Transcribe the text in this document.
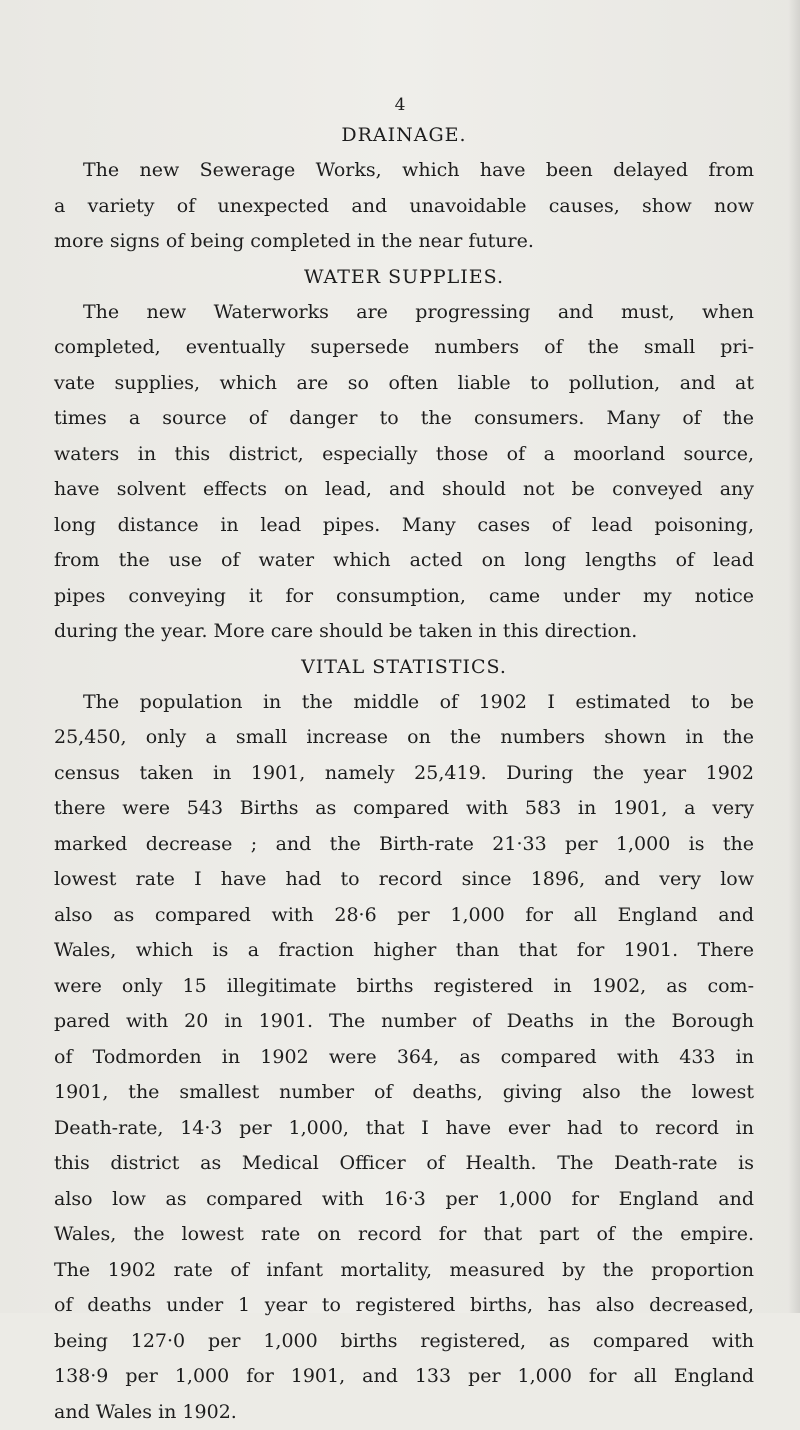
4
DRAINAGE.
The new Sewerage Works, which have been delayed from
a variety of unexpected and unavoidable causes, show now
more signs of being completed in the near future.
WATER SUPPLIES.
The new Waterworks are progressing and must, when
completed, eventually supersede numbers of the small pri-
vate supplies, which are so often liable to pollution, and at
times a source of danger to the consumers. Many of the
waters in this district, especially those of a moorland source,
have solvent effects on lead, and should not be conveyed any
long distance in lead pipes. Many cases of lead poisoning,
from the use of water which acted on long lengths of lead
pipes conveying it for consumption, came under my notice
during the year. More care should be taken in this direction.
VITAL STATISTICS.
The population in the middle of 1902 I estimated to be
25,450, only a small increase on the numbers shown in the
census taken in 1901, namely 25,419. During the year 1902
there were 543 Births as compared with 583 in 1901, a very
marked decrease ; and the Birth-rate 21·33 per 1,000 is the
lowest rate I have had to record since 1896, and very low
also as compared with 28·6 per 1,000 for all England and
Wales, which is a fraction higher than that for 1901. There
were only 15 illegitimate births registered in 1902, as com-
pared with 20 in 1901. The number of Deaths in the Borough
of Todmorden in 1902 were 364, as compared with 433 in
1901, the smallest number of deaths, giving also the lowest
Death-rate, 14·3 per 1,000, that I have ever had to record in
this district as Medical Officer of Health. The Death-rate is
also low as compared with 16·3 per 1,000 for England and
Wales, the lowest rate on record for that part of the empire.
The 1902 rate of infant mortality, measured by the proportion
of deaths under 1 year to registered births, has also decreased,
being 127·0 per 1,000 births registered, as compared with
138·9 per 1,000 for 1901, and 133 per 1,000 for all England
and Wales in 1902.
